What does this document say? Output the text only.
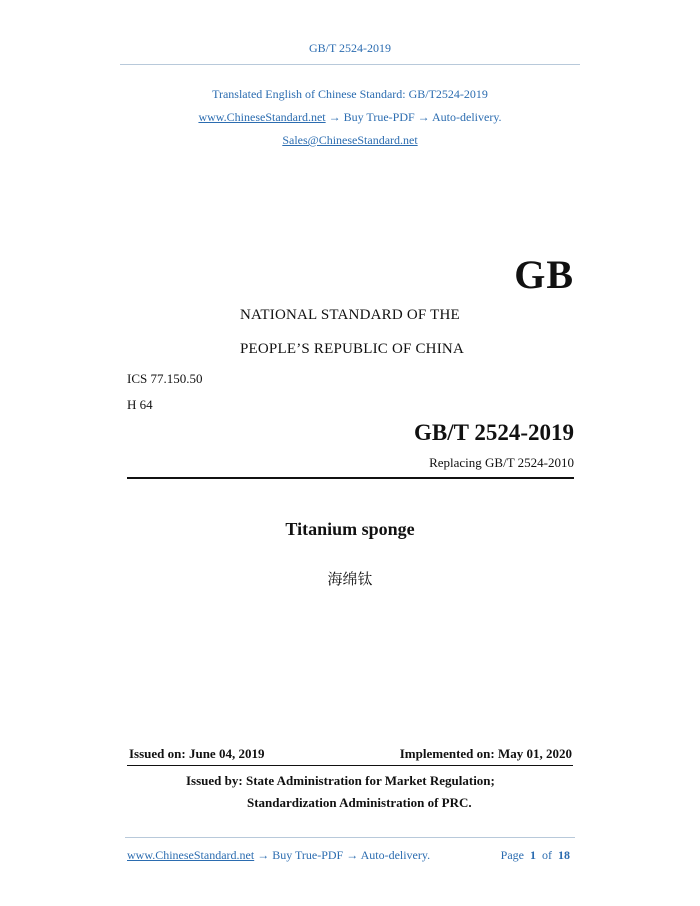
GB/T 2524-2019
Translated English of Chinese Standard: GB/T2524-2019
www.ChineseStandard.net → Buy True-PDF → Auto-delivery.
Sales@ChineseStandard.net
GB
NATIONAL STANDARD OF THE
PEOPLE’S REPUBLIC OF CHINA
ICS 77.150.50
H 64
GB/T 2524-2019
Replacing GB/T 2524-2010
Titanium sponge
海绵钛
Issued on: June 04, 2019	Implemented on: May 01, 2020
Issued by: State Administration for Market Regulation;
Standardization Administration of PRC.
www.ChineseStandard.net → Buy True-PDF → Auto-delivery.	Page 1 of 18
